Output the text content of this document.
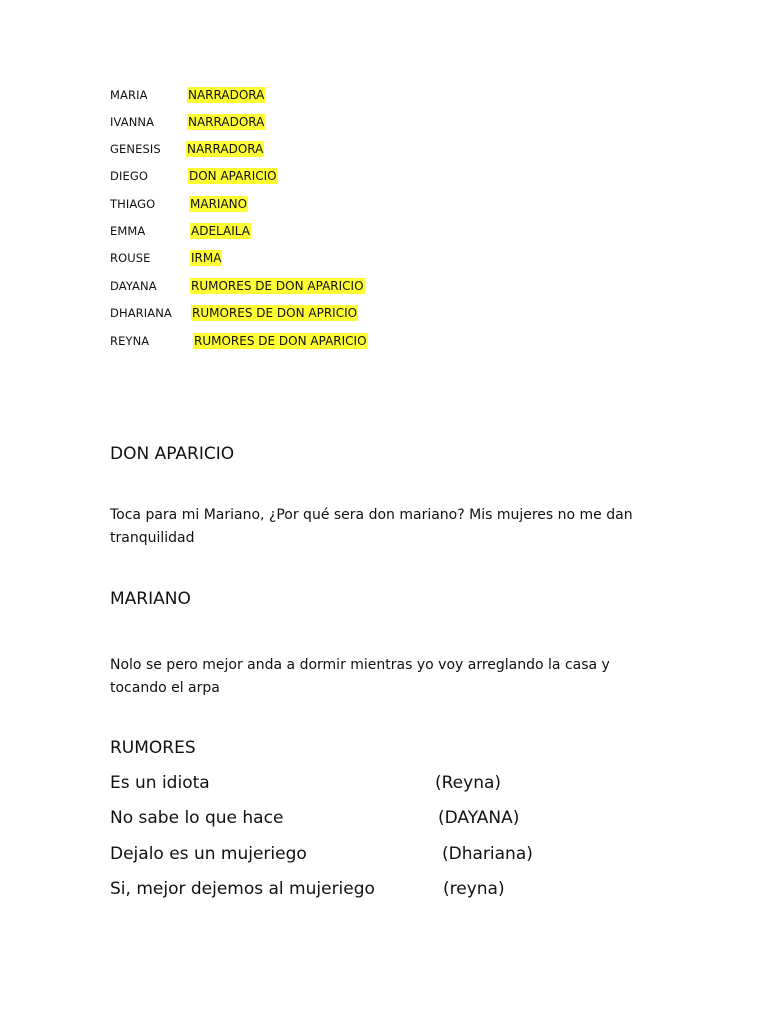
MARIA	NARRADORA
IVANNA	NARRADORA
GENESIS NARRADORA
DIEGO	DON APARICIO
THIAGO	MARIANO
EMMA	ADELAILA
ROUSE	IRMA
DAYANA	RUMORES DE DON APARICIO
DHARIANA RUMORES DE DON APRICIO
REYNA	RUMORES DE DON APARICIO
DON APARICIO
Toca para mi Mariano, ¿Por qué sera don mariano? Mis mujeres no me dan tranquilidad
MARIANO
Nolo se pero mejor anda a dormir mientras yo voy arreglando la casa y tocando el arpa
RUMORES
Es un idiota	(Reyna)
No sabe lo que hace	(DAYANA)
Dejalo es un mujeriego	(Dhariana)
Si, mejor dejemos al mujeriego	(reyna)
